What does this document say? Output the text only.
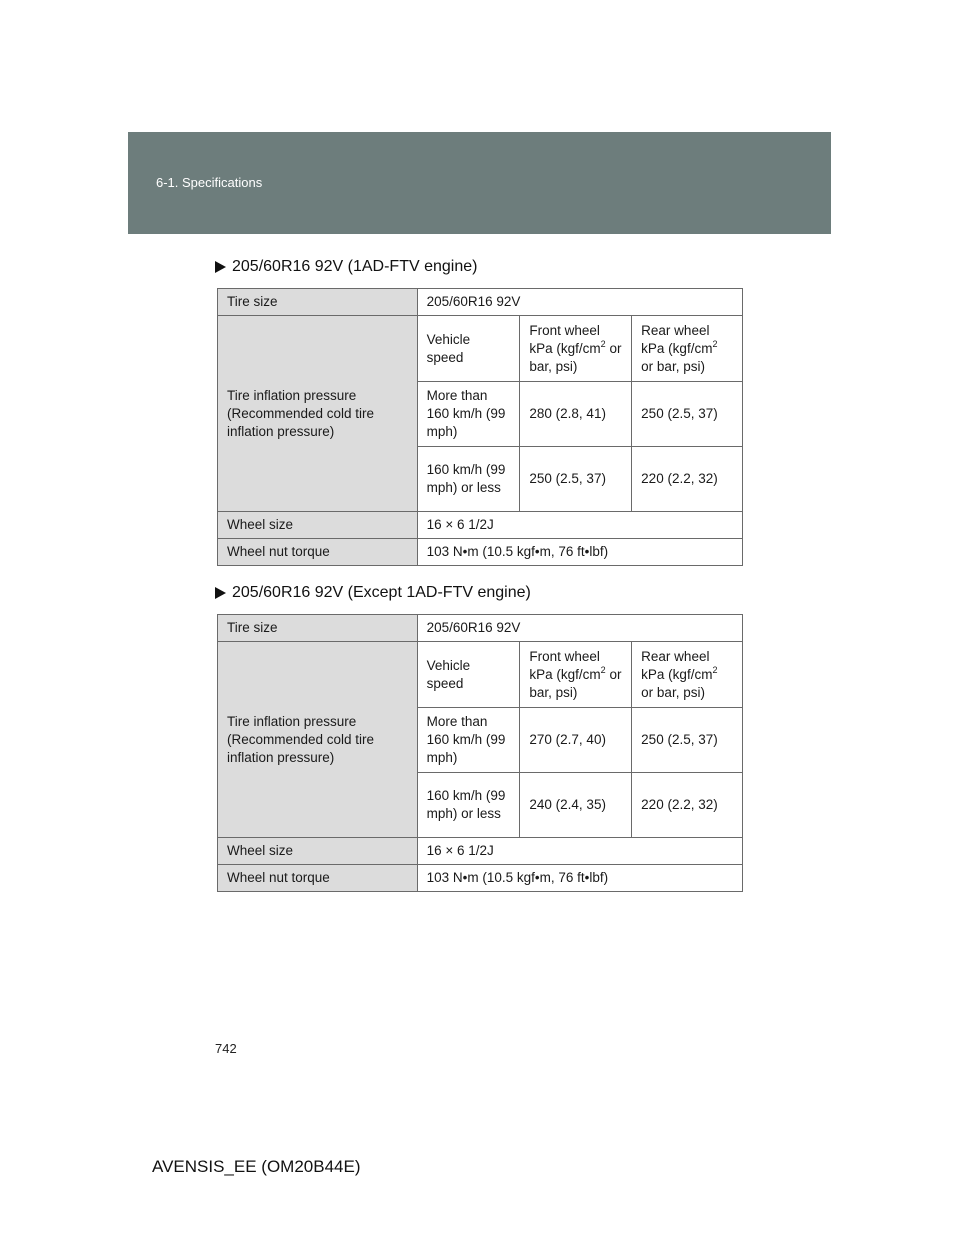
6-1. Specifications
205/60R16 92V (1AD-FTV engine)
Tire size	205/60R16 92V		
Tire inflation pressure (Recommended cold tire inflation pressure)	Vehicle speed	Front wheel kPa ($kgf/cm^2$ or bar, psi)	Rear wheel kPa ($kgf/cm^2$ or bar, psi)
	More than 160 km/h (99 mph)	280 (2.8, 41)	250 (2.5, 37)
	160 km/h (99 mph) or less	250 (2.5, 37)	220 (2.2, 32)
Wheel size	16 × 6 1/2J		
Wheel nut torque	103 N•m (10.5 kgf•m, 76 ft•lbf)		
205/60R16 92V (Except 1AD-FTV engine)
Tire size	205/60R16 92V		
Tire inflation pressure (Recommended cold tire inflation pressure)	Vehicle speed	Front wheel kPa ($kgf/cm^2$ or bar, psi)	Rear wheel kPa ($kgf/cm^2$ or bar, psi)
	More than 160 km/h (99 mph)	270 (2.7, 40)	250 (2.5, 37)
	160 km/h (99 mph) or less	240 (2.4, 35)	220 (2.2, 32)
Wheel size	16 × 6 1/2J		
Wheel nut torque	103 N•m (10.5 kgf•m, 76 ft•lbf)		
742
AVENSIS_EE (OM20B44E)
